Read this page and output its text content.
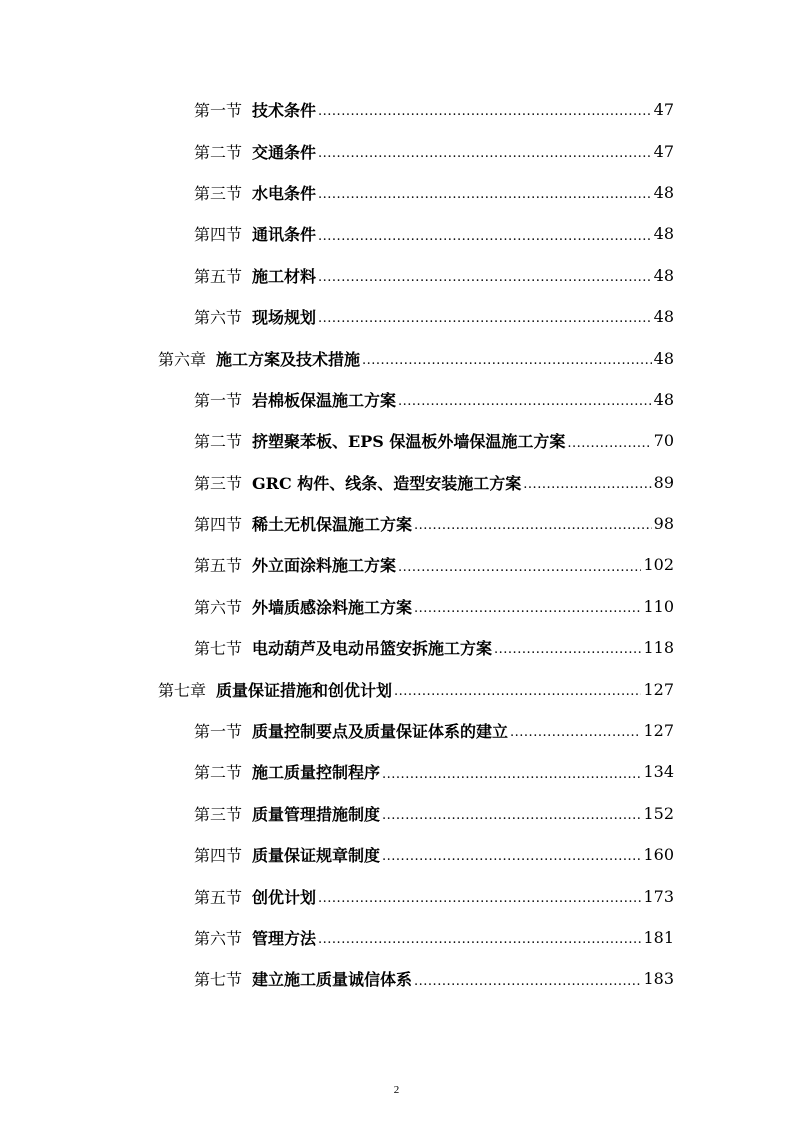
第一节 技术条件 .....	47
第二节 交通条件 .....	47
第三节 水电条件 .....	48
第四节 通讯条件 .....	48
第五节 施工材料 .....	48
第六节 现场规划 .....	48
第六章 施工方案及技术措施 .....	48
第一节 岩棉板保温施工方案 .....	48
第二节 挤塑聚苯板、EPS 保温板外墙保温施工方案 .....	70
第三节 GRC 构件、线条、造型安装施工方案 .....	89
第四节 稀土无机保温施工方案 .....	98
第五节 外立面涂料施工方案 .....	102
第六节 外墙质感涂料施工方案 .....	110
第七节 电动葫芦及电动吊篮安拆施工方案 .....	118
第七章 质量保证措施和创优计划 .....	127
第一节 质量控制要点及质量保证体系的建立 .....	127
第二节 施工质量控制程序 .....	134
第三节 质量管理措施制度 .....	152
第四节 质量保证规章制度 .....	160
第五节 创优计划 .....	173
第六节 管理方法 .....	181
第七节 建立施工质量诚信体系 .....	183
2
